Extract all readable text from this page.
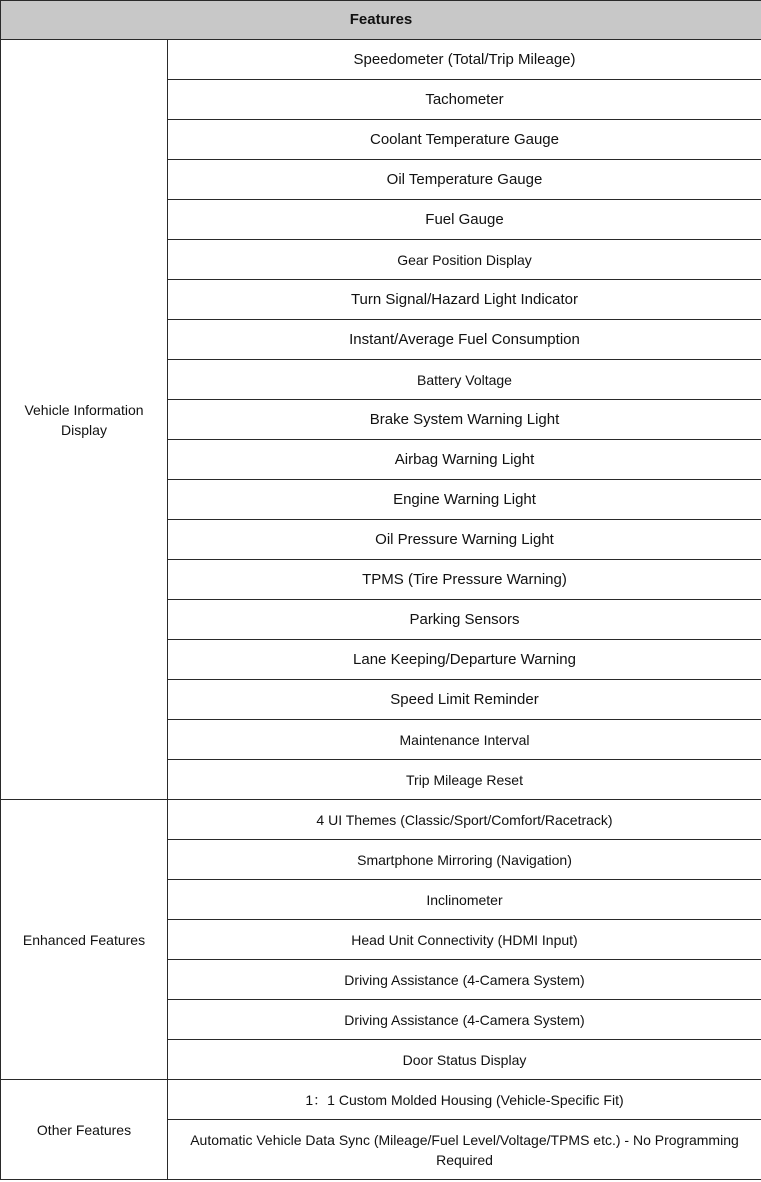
Features	
Vehicle Information Display	Speedometer (Total/Trip Mileage)
	Tachometer
	Coolant Temperature Gauge
	Oil Temperature Gauge
	Fuel Gauge
	Gear Position Display
	Turn Signal/Hazard Light Indicator
	Instant/Average Fuel Consumption
	Battery Voltage
	Brake System Warning Light
	Airbag Warning Light
	Engine Warning Light
	Oil Pressure Warning Light
	TPMS (Tire Pressure Warning)
	Parking Sensors
	Lane Keeping/Departure Warning
	Speed Limit Reminder
	Maintenance Interval
	Trip Mileage Reset
Enhanced Features	4 UI Themes (Classic/Sport/Comfort/Racetrack)
	Smartphone Mirroring (Navigation)
	Inclinometer
	Head Unit Connectivity (HDMI Input)
	Driving Assistance (4-Camera System)
	Driving Assistance (4-Camera System)
	Door Status Display
Other Features	1：1 Custom Molded Housing (Vehicle-Specific Fit)
	Automatic Vehicle Data Sync (Mileage/Fuel Level/Voltage/TPMS etc.) - No Programming Required
